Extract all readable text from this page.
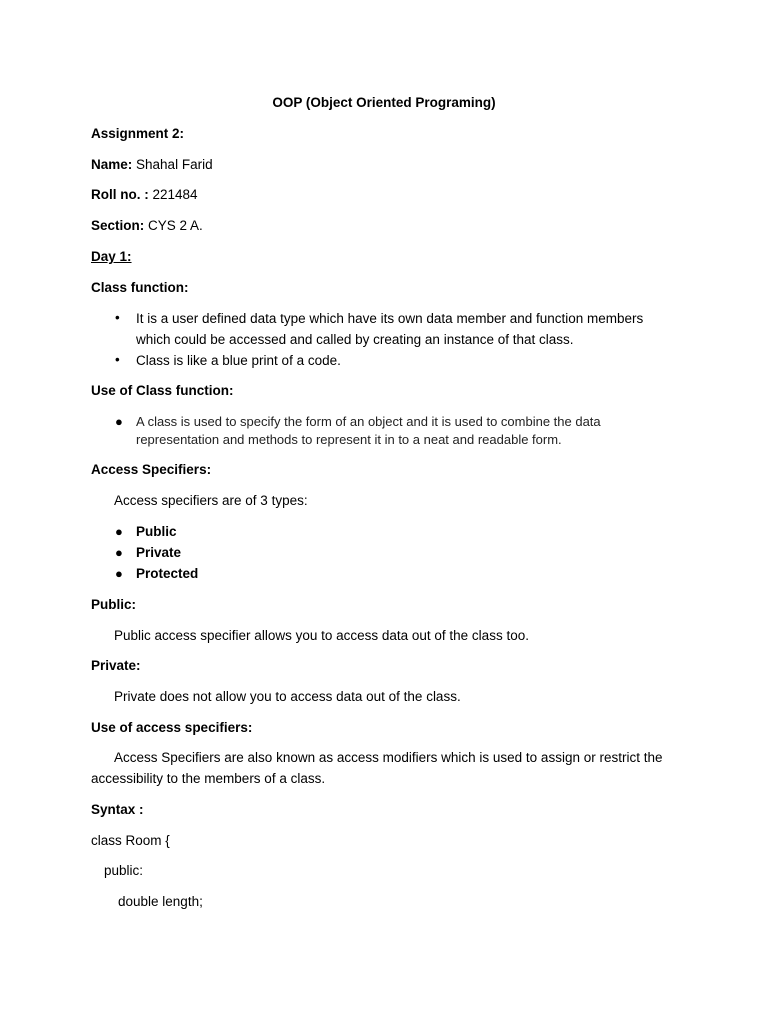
OOP (Object Oriented Programing)

Assignment 2:

Name: Shahal Farid

Roll no. : 221484

Section: CYS 2 A.

Day 1:

Class function:

• It is a user defined data type which have its own data member and function members

which could be accessed and called by creating an instance of that class.

• Class is like a blue print of a code.

Use of Class function:

● A class is used to specify the form of an object and it is used to combine the data

representation and methods to represent it in to a neat and readable form.

Access Specifiers:

Access specifiers are of 3 types:

● Public

● Private

● Protected

Public:

Public access specifier allows you to access data out of the class too.

Private:

Private does not allow you to access data out of the class.

Use of access specifiers:

Access Specifiers are also known as access modifiers which is used to assign or restrict the

accessibility to the members of a class.

Syntax :

class Room {

public:

double length;
